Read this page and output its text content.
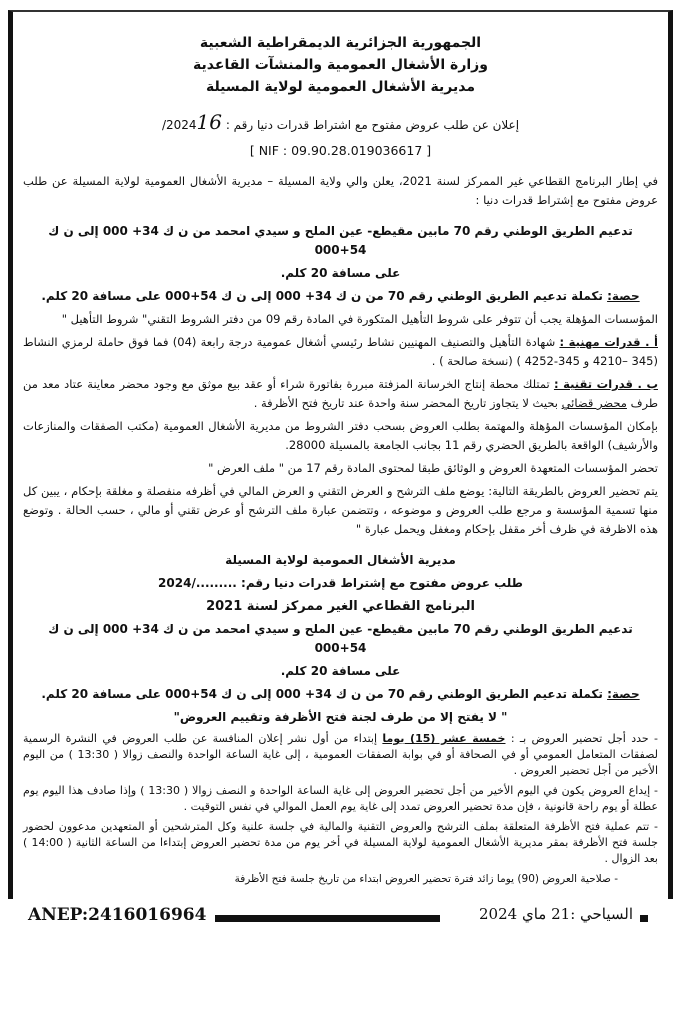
الجمهورية الجزائرية الديمقراطية الشعبية
وزارة الأشغال العمومية والمنشآت القاعدية
مديرية الأشغال العمومية لولاية المسيلة
إعلان عن طلب عروض مفتوح مع اشتراط قدرات دنيا رقم : /202416
[ NIF : 09.90.28.019036617 ]
في إطار البرنامج القطاعي غير الممركز لسنة 2021، يعلن والي ولاية المسيلة – مديرية الأشغال العمومية لولاية المسيلة عن طلب عروض مفتوح مع إشتراط قدرات دنيا :
تدعيم الطريق الوطني رقم 70 مابين مقيطع- عين الملح و سيدي امحمد من ن ك 34+ 000 إلى ن ك 54+000
على مسافة 20 كلم.
حصة: تكملة تدعيم الطريق الوطني رقم 70 من ن ك 34+ 000 إلى ن ك 54+000 على مسافة 20 كلم.
المؤسسات المؤهلة يجب أن تتوفر على شروط التأهيل المتكورة في المادة رقم 09 من دفتر الشروط التقني" شروط التأهيل "
أ . قدرات مهنية : شهادة التأهيل والتصنيف المهنيين نشاط رئيسي أشغال عمومية درجة رابعة (04) فما فوق حاملة لرمزي النشاط (345 –4210 و 345-4252 ) (نسخة صالحة ) .
ب . قدرات تقنية : تمتلك محطة إنتاج الخرسانة المزفتة مبررة بفاتورة شراء أو عقد بيع موثق مع وجود محضر معاينة عتاد معد من طرف محضر قضائي بحيث لا يتجاوز تاريخ المحضر سنة واحدة عند تاريخ فتح الأظرفة .
بإمكان المؤسسات المؤهلة والمهتمة بطلب العروض بسحب دفتر الشروط من مديرية الأشغال العمومية (مكتب الصفقات والمنازعات والأرشيف) الواقعة بالطريق الحضري رقم 11 بجانب الجامعة بالمسيلة 28000.
تحضر المؤسسات المتعهدة العروض و الوثائق طبقا لمحتوى المادة رقم 17 من " ملف العرض "
يتم تحضير العروض بالطريقة التالية: يوضع ملف الترشح و العرض التقني و العرض المالي في أظرفه منفصلة و مغلقة بإحكام ، يبين كل منها تسمية المؤسسة و مرجع طلب العروض و موضوعه ، وتتضمن عبارة ملف الترشح أو عرض تقني أو مالي ، حسب الحالة . وتوضع هذه الاظرفة في ظرف أخر مقفل بإحكام ومغفل ويحمل عبارة "
مديرية الأشغال العمومية لولاية المسيلة
طلب عروض مفتوح مع إشتراط قدرات دنيا رقم: ........./2024
البرنامج القطاعي الغير ممركز لسنة 2021
تدعيم الطريق الوطني رقم 70 مابين مقيطع- عين الملح و سيدي امحمد من ن ك 34+ 000 إلى ن ك 54+000
على مسافة 20 كلم.
حصة: تكملة تدعيم الطريق الوطني رقم 70 من ن ك 34+ 000 إلى ن ك 54+000 على مسافة 20 كلم.
" لا يفتح إلا من طرف لجنة فتح الأظرفة وتقييم العروض"
- حدد أجل تحضير العروض بـ : خمسة عشر (15) يوما إبتداء من أول نشر إعلان المنافسة عن طلب العروض في النشرة الرسمية لصفقات المتعامل العمومي أو في الصحافة أو في بوابة الصفقات العمومية ، إلى غاية الساعة الواحدة والنصف زوالا ( 13:30 ) من اليوم الأخير من أجل تحضير العروض .
- إيداع العروض يكون في اليوم الأخير من أجل تحضير العروض إلى غاية الساعة الواحدة و النصف زوالا ( 13:30 ) وإذا صادف هذا اليوم يوم عطلة أو يوم راحة قانونية ، فإن مدة تحضير العروض تمدد إلى غاية يوم العمل الموالي في نفس التوقيت .
- تتم عملية فتح الأظرفة المتعلقة بملف الترشح والعروض التقنية والمالية في جلسة علنية وكل المترشحين أو المتعهدين مدعوون لحضور جلسة فتح الأظرفة بمقر مديرية الأشغال العمومية لولاية المسيلة في أخر يوم من مدة تحضير العروض إبتداءا من الساعة الثانية ( 14:00 ) بعد الزوال .
- صلاحية العروض (90) يوما زائد فترة تحضير العروض ابتداء من تاريخ جلسة فتح الأظرفة
ANEP:2416016964	السياحي :21 ماي 2024
